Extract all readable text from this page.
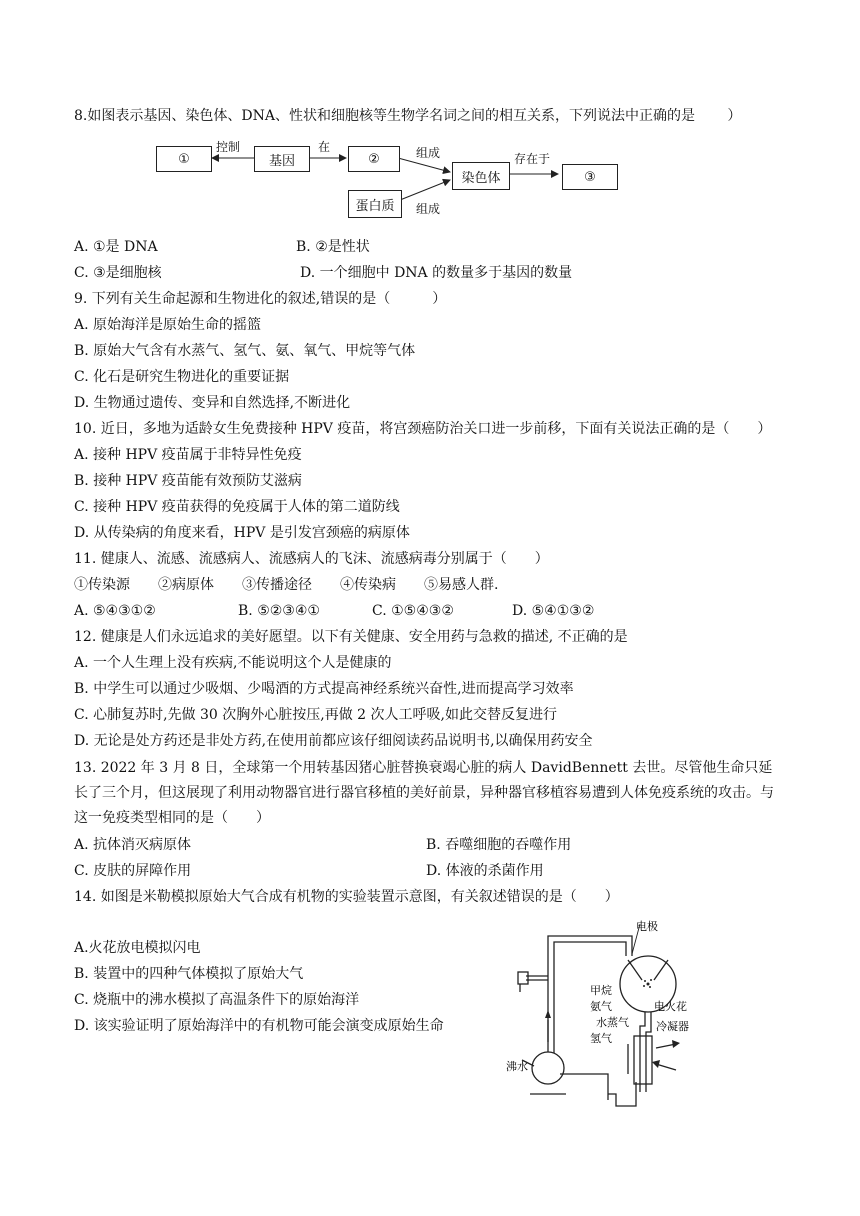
8.如图表示基因、染色体、DNA、性状和细胞核等生物学名词之间的相互关系，下列说法中正确的是　　 ）
①	基因	②
染色体	③
蛋白质
控制	在	组成
组成
存在于
A. ①是 DNA	B. ②是性状
C. ③是细胞核	D. 一个细胞中 DNA 的数量多于基因的数量
9. 下列有关生命起源和生物进化的叙述,错误的是（　　　）
A. 原始海洋是原始生命的摇篮
B. 原始大气含有水蒸气、氢气、氨、氧气、甲烷等气体
C. 化石是研究生物进化的重要证据
D. 生物通过遗传、变异和自然选择,不断进化
10. 近日，多地为适龄女生免费接种 HPV 疫苗，将宫颈癌防治关口进一步前移，下面有关说法正确的是（　　）
A. 接种 HPV 疫苗属于非特异性免疫
B. 接种 HPV 疫苗能有效预防艾滋病
C. 接种 HPV 疫苗获得的免疫属于人体的第二道防线
D. 从传染病的角度来看，HPV 是引发宫颈癌的病原体
11. 健康人、流感、流感病人、流感病人的飞沫、流感病毒分别属于（　　）
①传染源　　②病原体　　③传播途径　　④传染病　　⑤易感人群.
A. ⑤④③①②	B. ⑤②③④①	C. ①⑤④③②	D. ⑤④①③②
12. 健康是人们永远追求的美好愿望。以下有关健康、安全用药与急救的描述, 不正确的是
A. 一个人生理上没有疾病,不能说明这个人是健康的
B. 中学生可以通过少吸烟、少喝酒的方式提高神经系统兴奋性,进而提高学习效率
C. 心肺复苏时,先做 30 次胸外心脏按压,再做 2 次人工呼吸,如此交替反复进行
D. 无论是处方药还是非处方药,在使用前都应该仔细阅读药品说明书,以确保用药安全
13. 2022 年 3 月 8 日，全球第一个用转基因猪心脏替换衰竭心脏的病人 DavidBennett 去世。尽管他生命只延长了三个月，但这展现了利用动物器官进行器官移植的美好前景，异种器官移植容易遭到人体免疫系统的攻击。与这一免疫类型相同的是（　　）
A. 抗体消灭病原体	B. 吞噬细胞的吞噬作用
C. 皮肤的屏障作用	D. 体液的杀菌作用
14. 如图是米勒模拟原始大气合成有机物的实验装置示意图，有关叙述错误的是（　　）
A.火花放电模拟闪电
B. 装置中的四种气体模拟了原始大气
C. 烧瓶中的沸水模拟了高温条件下的原始海洋
D. 该实验证明了原始海洋中的有机物可能会演变成原始生命
电极
甲烷
氨气
水蒸气
氢气
电火花
冷凝器
沸水
